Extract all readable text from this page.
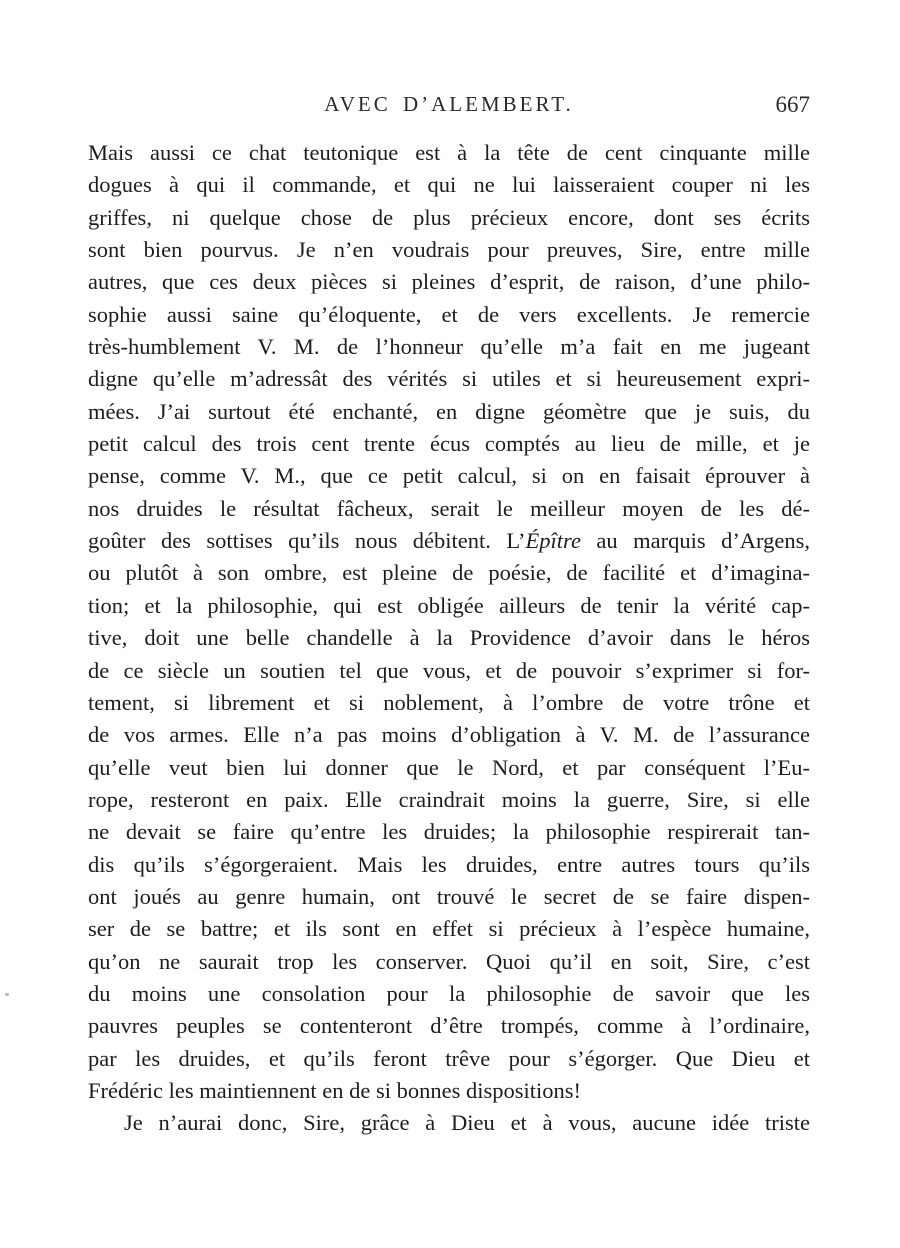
AVEC D’ALEMBERT.	667
Mais aussi ce chat teutonique est à la tête de cent cinquante mille
dogues à qui il commande, et qui ne lui laisseraient couper ni les
griffes, ni quelque chose de plus précieux encore, dont ses écrits
sont bien pourvus. Je n’en voudrais pour preuves, Sire, entre mille
autres, que ces deux pièces si pleines d’esprit, de raison, d’une philo-
sophie aussi saine qu’éloquente, et de vers excellents. Je remercie
très-humblement V. M. de l’honneur qu’elle m’a fait en me jugeant
digne qu’elle m’adressât des vérités si utiles et si heureusement expri-
mées. J’ai surtout été enchanté, en digne géomètre que je suis, du
petit calcul des trois cent trente écus comptés au lieu de mille, et je
pense, comme V. M., que ce petit calcul, si on en faisait éprouver à
nos druides le résultat fâcheux, serait le meilleur moyen de les dé-
goûter des sottises qu’ils nous débitent. L’Épître au marquis d’Argens,
ou plutôt à son ombre, est pleine de poésie, de facilité et d’imagina-
tion; et la philosophie, qui est obligée ailleurs de tenir la vérité cap-
tive, doit une belle chandelle à la Providence d’avoir dans le héros
de ce siècle un soutien tel que vous, et de pouvoir s’exprimer si for-
tement, si librement et si noblement, à l’ombre de votre trône et
de vos armes. Elle n’a pas moins d’obligation à V. M. de l’assurance
qu’elle veut bien lui donner que le Nord, et par conséquent l’Eu-
rope, resteront en paix. Elle craindrait moins la guerre, Sire, si elle
ne devait se faire qu’entre les druides; la philosophie respirerait tan-
dis qu’ils s’égorgeraient. Mais les druides, entre autres tours qu’ils
ont joués au genre humain, ont trouvé le secret de se faire dispen-
ser de se battre; et ils sont en effet si précieux à l’espèce humaine,
qu’on ne saurait trop les conserver. Quoi qu’il en soit, Sire, c’est
du moins une consolation pour la philosophie de savoir que les
pauvres peuples se contenteront d’être trompés, comme à l’ordinaire,
par les druides, et qu’ils feront trêve pour s’égorger. Que Dieu et
Frédéric les maintiennent en de si bonnes dispositions!
Je n’aurai donc, Sire, grâce à Dieu et à vous, aucune idée triste
